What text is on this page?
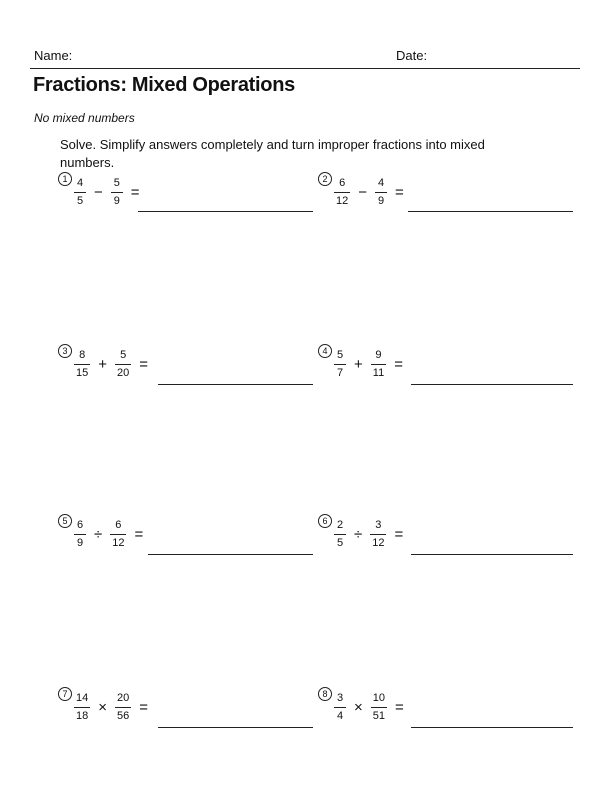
Name:	Date:
Fractions: Mixed Operations
No mixed numbers
Solve. Simplify answers completely and turn improper fractions into mixed numbers.
$1 \frac{4}{5} - \frac{5}{9}$ =
$2 \frac{6}{12} - \frac{4}{9}$ =
$3 \frac{8}{15} + \frac{5}{20}$ =
$4 \frac{5}{7} + \frac{9}{11}$ =
$5 \frac{6}{9} \div \frac{6}{12}$ =
$6 \frac{2}{5} \div \frac{3}{12}$ =
$7 \frac{14}{18} \times \frac{20}{56}$ =
$8 \frac{3}{4} \times \frac{10}{51}$ =
